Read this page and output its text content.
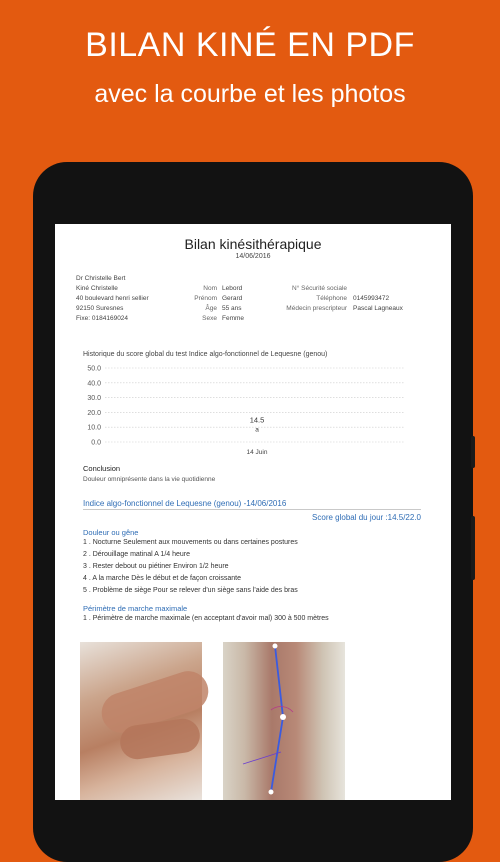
BILAN KINÉ EN PDF
avec la courbe et les photos
Bilan kinésithérapique
14/06/2016
Dr Christelle Bert
Kiné Christelle
40 boulevard henri sellier
92150 Suresnes
Fixe: 0184169024
Nom Lebord
Prénom Gerard
Âge 55 ans
Sexe Femme
N° Sécurité sociale
Téléphone 0145993472
Médecin prescripteur Pascal Lagneaux
Historique du score global du test Indice algo-fonctionnel de Lequesne (genou)
50.0
40.0
30.0
20.0
10.0
0.0
14.5
a
14 Juin
Conclusion
Douleur omniprésente dans la vie quotidienne
Indice algo-fonctionnel de Lequesne (genou) -14/06/2016
Score global du jour :14.5/22.0
Douleur ou gêne
1 . Nocturne Seulement aux mouvements ou dans certaines postures
2 . Dérouillage matinal A 1/4 heure
3 . Rester debout ou piétiner Environ 1/2 heure
4 . A la marche Dès le début et de façon croissante
5 . Problème de siège Pour se relever d'un siège sans l'aide des bras
Périmètre de marche maximale
1 . Périmètre de marche maximale (en acceptant d'avoir mal) 300 à 500 mètres
